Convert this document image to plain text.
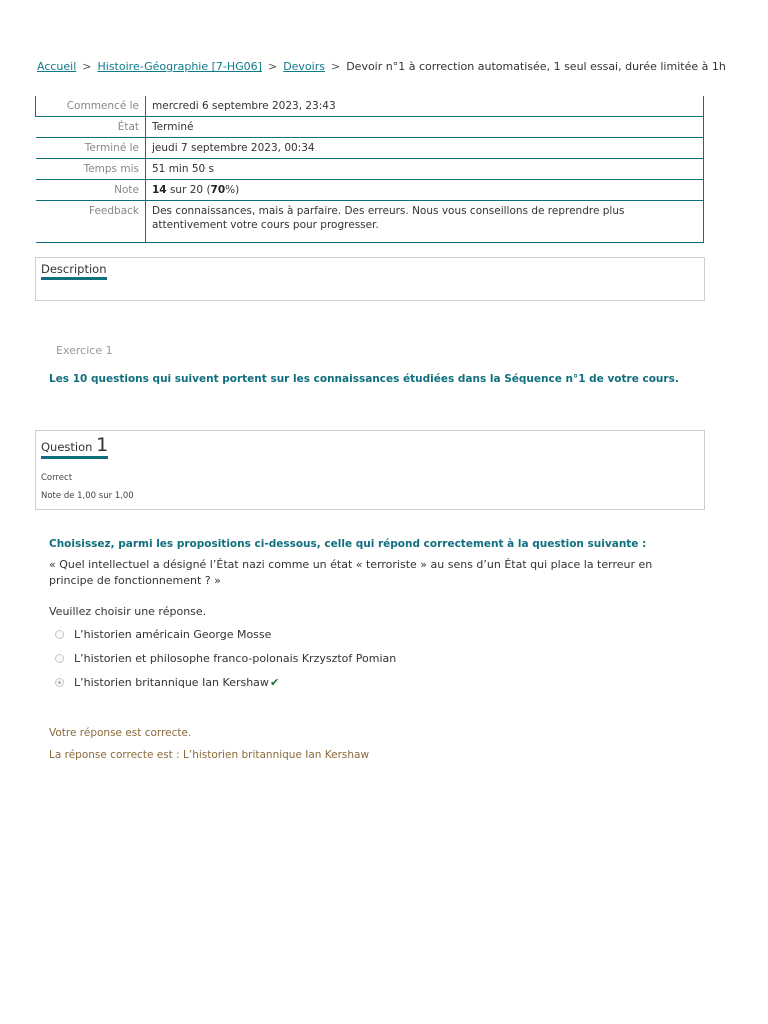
Accueil > Histoire-Géographie [7-HG06] > Devoirs > Devoir n°1 à correction automatisée, 1 seul essai, durée limitée à 1h
Commencé le	mercredi 6 septembre 2023, 23:43
État	Terminé
Terminé le	jeudi 7 septembre 2023, 00:34
Temps mis	51 min 50 s
Note	14 sur 20 (70%)
Feedback	Des connaissances, mais à parfaire. Des erreurs. Nous vous conseillons de reprendre plus attentivement votre cours pour progresser.
Description
Exercice 1
Les 10 questions qui suivent portent sur les connaissances étudiées dans la Séquence n°1 de votre cours.
Question 1
Correct
Note de 1,00 sur 1,00
Choisissez, parmi les propositions ci-dessous, celle qui répond correctement à la question suivante :
« Quel intellectuel a désigné l’État nazi comme un état « terroriste » au sens d’un État qui place la terreur en principe de fonctionnement ? »
Veuillez choisir une réponse.
L’historien américain George Mosse
L’historien et philosophe franco-polonais Krzysztof Pomian
L’historien britannique Ian Kershaw ✔
Votre réponse est correcte.
La réponse correcte est : L’historien britannique Ian Kershaw
